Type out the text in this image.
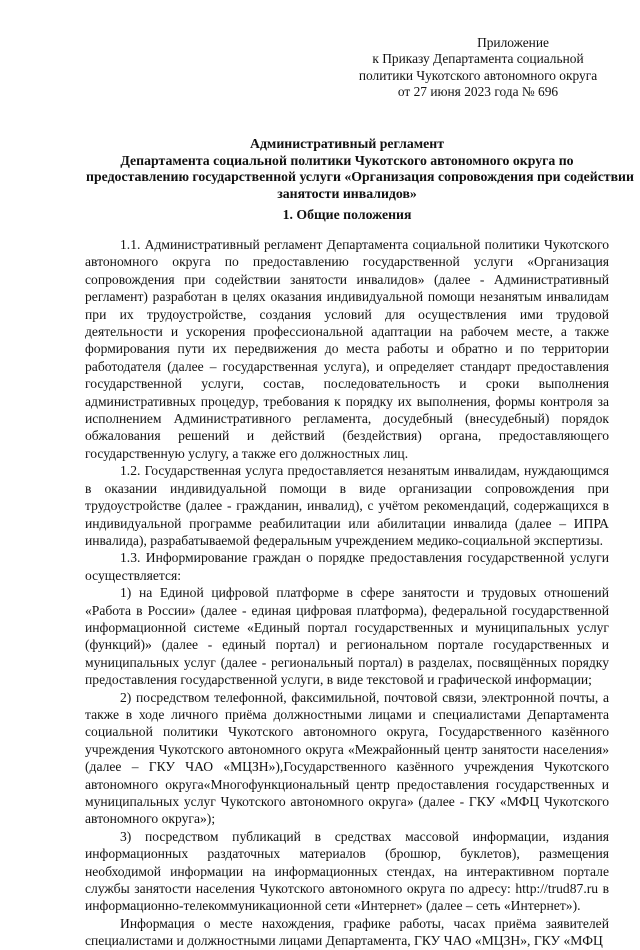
Приложение
к Приказу Департамента социальной
политики Чукотского автономного округа
от 27 июня 2023 года № 696
Административный регламент
Департамента социальной политики Чукотского автономного округа по
предоставлению государственной услуги «Организация сопровождения при содействии
занятости инвалидов»
1. Общие положения

1.1. Административный регламент Департамента социальной политики Чукотского автономного округа по предоставлению государственной услуги «Организация сопровождения при содействии занятости инвалидов» (далее - Административный регламент) разработан в целях оказания индивидуальной помощи незанятым инвалидам при их трудоустройстве, создания условий для осуществления ими трудовой деятельности и ускорения профессиональной адаптации на рабочем месте, а также формирования пути их передвижения до места работы и обратно и по территории работодателя (далее – государственная услуга), и определяет стандарт предоставления государственной услуги, состав, последовательность и сроки выполнения административных процедур, требования к порядку их выполнения, формы контроля за исполнением Административного регламента, досудебный (внесудебный) порядок обжалования решений и действий (бездействия) органа, предоставляющего государственную услугу, а также его должностных лиц.

1.2. Государственная услуга предоставляется незанятым инвалидам, нуждающимся в оказании индивидуальной помощи в виде организации сопровождения при трудоустройстве (далее - гражданин, инвалид), с учётом рекомендаций, содержащихся в индивидуальной программе реабилитации или абилитации инвалида (далее – ИПРА инвалида), разрабатываемой федеральным учреждением медико-социальной экспертизы.

1.3. Информирование граждан о порядке предоставления государственной услуги осуществляется:

1) на Единой цифровой платформе в сфере занятости и трудовых отношений «Работа в России» (далее - единая цифровая платформа), федеральной государственной информационной системе «Единый портал государственных и муниципальных услуг (функций)» (далее - единый портал) и региональном портале государственных и муниципальных услуг (далее - региональный портал) в разделах, посвящённых порядку предоставления государственной услуги, в виде текстовой и графической информации;

2) посредством телефонной, факсимильной, почтовой связи, электронной почты, а также в ходе личного приёма должностными лицами и специалистами Департамента социальной политики Чукотского автономного округа, Государственного казённого учреждения Чукотского автономного округа «Межрайонный центр занятости населения» (далее – ГКУ ЧАО «МЦЗН»),Государственного казённого учреждения Чукотского автономного округа«Многофункциональный центр предоставления государственных и муниципальных услуг Чукотского автономного округа» (далее - ГКУ «МФЦ Чукотского автономного округа»);

3) посредством публикаций в средствах массовой информации, издания информационных раздаточных материалов (брошюр, буклетов), размещения необходимой информации на информационных стендах, на интерактивном портале службы занятости населения Чукотского автономного округа по адресу: http://trud87.ru в информационно-телекоммуникационной сети «Интернет» (далее – сеть «Интернет»).

Информация о месте нахождения, графике работы, часах приёма заявителей специалистами и должностными лицами Департамента, ГКУ ЧАО «МЦЗН», ГКУ «МФЦ
